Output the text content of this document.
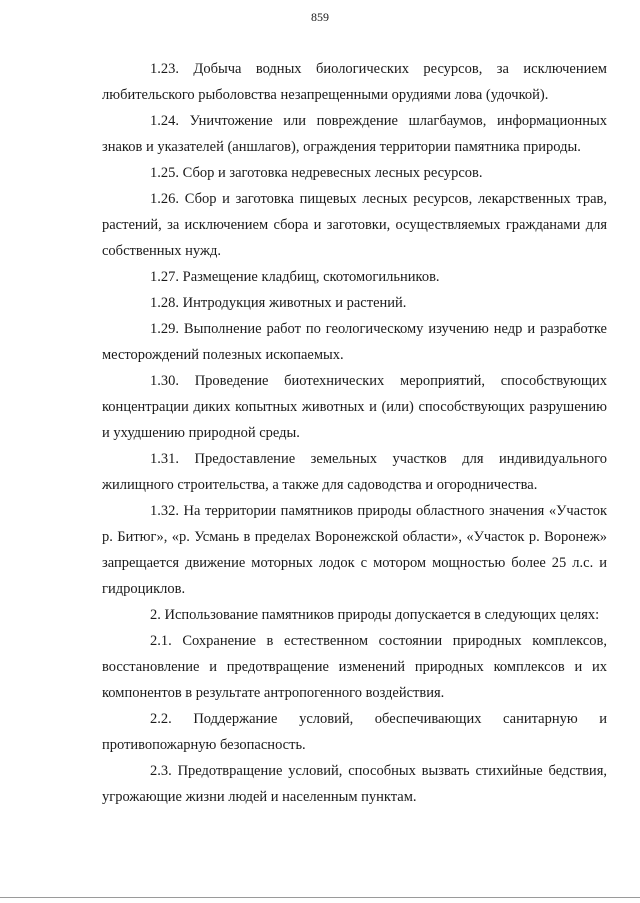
859

1.23. Добыча водных биологических ресурсов, за исключением любительского рыболовства незапрещенными орудиями лова (удочкой).

1.24. Уничтожение или повреждение шлагбаумов, информационных знаков и указателей (аншлагов), ограждения территории памятника природы.

1.25. Сбор и заготовка недревесных лесных ресурсов.

1.26. Сбор и заготовка пищевых лесных ресурсов, лекарственных трав, растений, за исключением сбора и заготовки, осуществляемых гражданами для собственных нужд.

1.27. Размещение кладбищ, скотомогильников.

1.28. Интродукция животных и растений.

1.29. Выполнение работ по геологическому изучению недр и разработке месторождений полезных ископаемых.

1.30. Проведение биотехнических мероприятий, способствующих концентрации диких копытных животных и (или) способствующих разрушению и ухудшению природной среды.

1.31. Предоставление земельных участков для индивидуального жилищного строительства, а также для садоводства и огородничества.

1.32. На территории памятников природы областного значения «Участок р. Битюг», «р. Усмань в пределах Воронежской области», «Участок р. Воронеж» запрещается движение моторных лодок с мотором мощностью более 25 л.с. и гидроциклов.

2. Использование памятников природы допускается в следующих целях:

2.1. Сохранение в естественном состоянии природных комплексов, восстановление и предотвращение изменений природных комплексов и их компонентов в результате антропогенного воздействия.

2.2. Поддержание условий, обеспечивающих санитарную и противопожарную безопасность.

2.3. Предотвращение условий, способных вызвать стихийные бедствия, угрожающие жизни людей и населенным пунктам.
